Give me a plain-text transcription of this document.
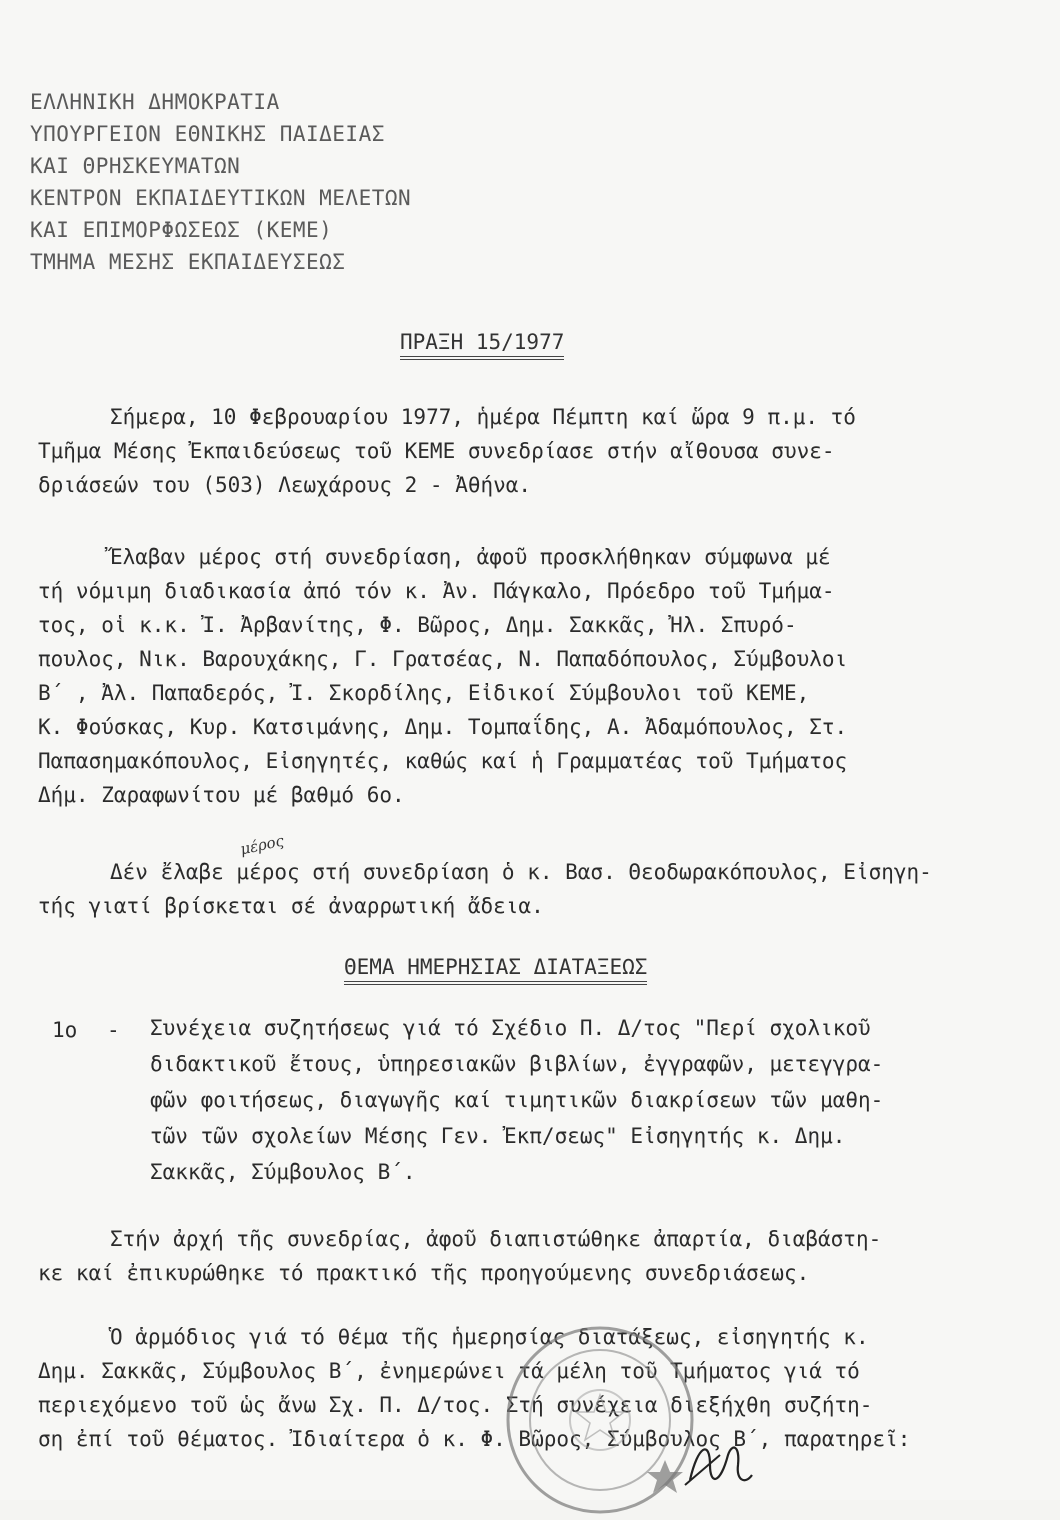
ΕΛΛΗΝΙΚΗ ΔΗΜΟΚΡΑΤΙΑ
ΥΠΟΥΡΓΕΙΟΝ ΕΘΝΙΚΗΣ ΠΑΙΔΕΙΑΣ
ΚΑΙ ΘΡΗΣΚΕΥΜΑΤΩΝ
ΚΕΝΤΡΟΝ ΕΚΠΑΙΔΕΥΤΙΚΩΝ ΜΕΛΕΤΩΝ
ΚΑΙ ΕΠΙΜΟΡΦΩΣΕΩΣ (ΚΕΜΕ)
ΤΜΗΜΑ ΜΕΣΗΣ ΕΚΠΑΙΔΕΥΣΕΩΣ
ΠΡΑΞΗ 15/1977
Σήμερα, 10 Φεβρουαρίου 1977, ἡμέρα Πέμπτη καί ὥρα 9 π.μ. τό
Τμῆμα Μέσης Ἐκπαιδεύσεως τοῦ ΚΕΜΕ συνεδρίασε στήν αἴθουσα συνε-
δριάσεών του (503) Λεωχάρους 2 - Ἀθήνα.
Ἔλαβαν μέρος στή συνεδρίαση, ἀφοῦ προσκλήθηκαν σύμφωνα μέ
τή νόμιμη διαδικασία ἀπό τόν κ. Ἀν. Πάγκαλο, Πρόεδρο τοῦ Τμήμα-
τος, οἱ κ.κ. Ἰ. Ἀρβανίτης, Φ. Βῶρος, Δημ. Σακκᾶς, Ἠλ. Σπυρό-
πουλος, Νικ. Βαρουχάκης, Γ. Γρατσέας, Ν. Παπαδόπουλος, Σύμβουλοι
Β΄ , Ἀλ. Παπαδερός, Ἰ. Σκορδίλης, Εἰδικοί Σύμβουλοι τοῦ ΚΕΜΕ,
Κ. Φούσκας, Κυρ. Κατσιμάνης, Δημ. Τομπαΐδης, Α. Ἀδαμόπουλος, Στ.
Παπασημακόπουλος, Εἰσηγητές, καθώς καί ἡ Γραμματέας τοῦ Τμήματος
Δήμ. Ζαραφωνίτου μέ βαθμό 6ο.
μέρος
Δέν ἔλαβε μέρος στή συνεδρίαση ὁ κ. Βασ. Θεοδωρακόπουλος, Εἰσηγη-
τής γιατί βρίσκεται σέ ἀναρρωτική ἄδεια.
ΘΕΜΑ ΗΜΕΡΗΣΙΑΣ ΔΙΑΤΑΞΕΩΣ
1ο - Συνέχεια συζητήσεως γιά τό Σχέδιο Π. Δ/τος "Περί σχολικοῦ
διδακτικοῦ ἔτους, ὑπηρεσιακῶν βιβλίων, ἐγγραφῶν, μετεγγρα-
φῶν φοιτήσεως, διαγωγῆς καί τιμητικῶν διακρίσεων τῶν μαθη-
τῶν τῶν σχολείων Μέσης Γεν. Ἐκπ/σεως" Εἰσηγητής κ. Δημ.
Σακκᾶς, Σύμβουλος Β΄.
Στήν ἀρχή τῆς συνεδρίας, ἀφοῦ διαπιστώθηκε ἀπαρτία, διαβάστη-
κε καί ἐπικυρώθηκε τό πρακτικό τῆς προηγούμενης συνεδριάσεως.
Ὁ ἁρμόδιος γιά τό θέμα τῆς ἡμερησίας διατάξεως, εἰσηγητής κ.
Δημ. Σακκᾶς, Σύμβουλος Β΄, ἐνημερώνει τά μέλη τοῦ Τμήματος γιά τό
περιεχόμενο τοῦ ὡς ἄνω Σχ. Π. Δ/τος. Στή συνέχεια διεξήχθη συζήτη-
ση ἐπί τοῦ θέματος. Ἰδιαίτερα ὁ κ. Φ. Βῶρος, Σύμβουλος Β΄, παρατηρεῖ:
